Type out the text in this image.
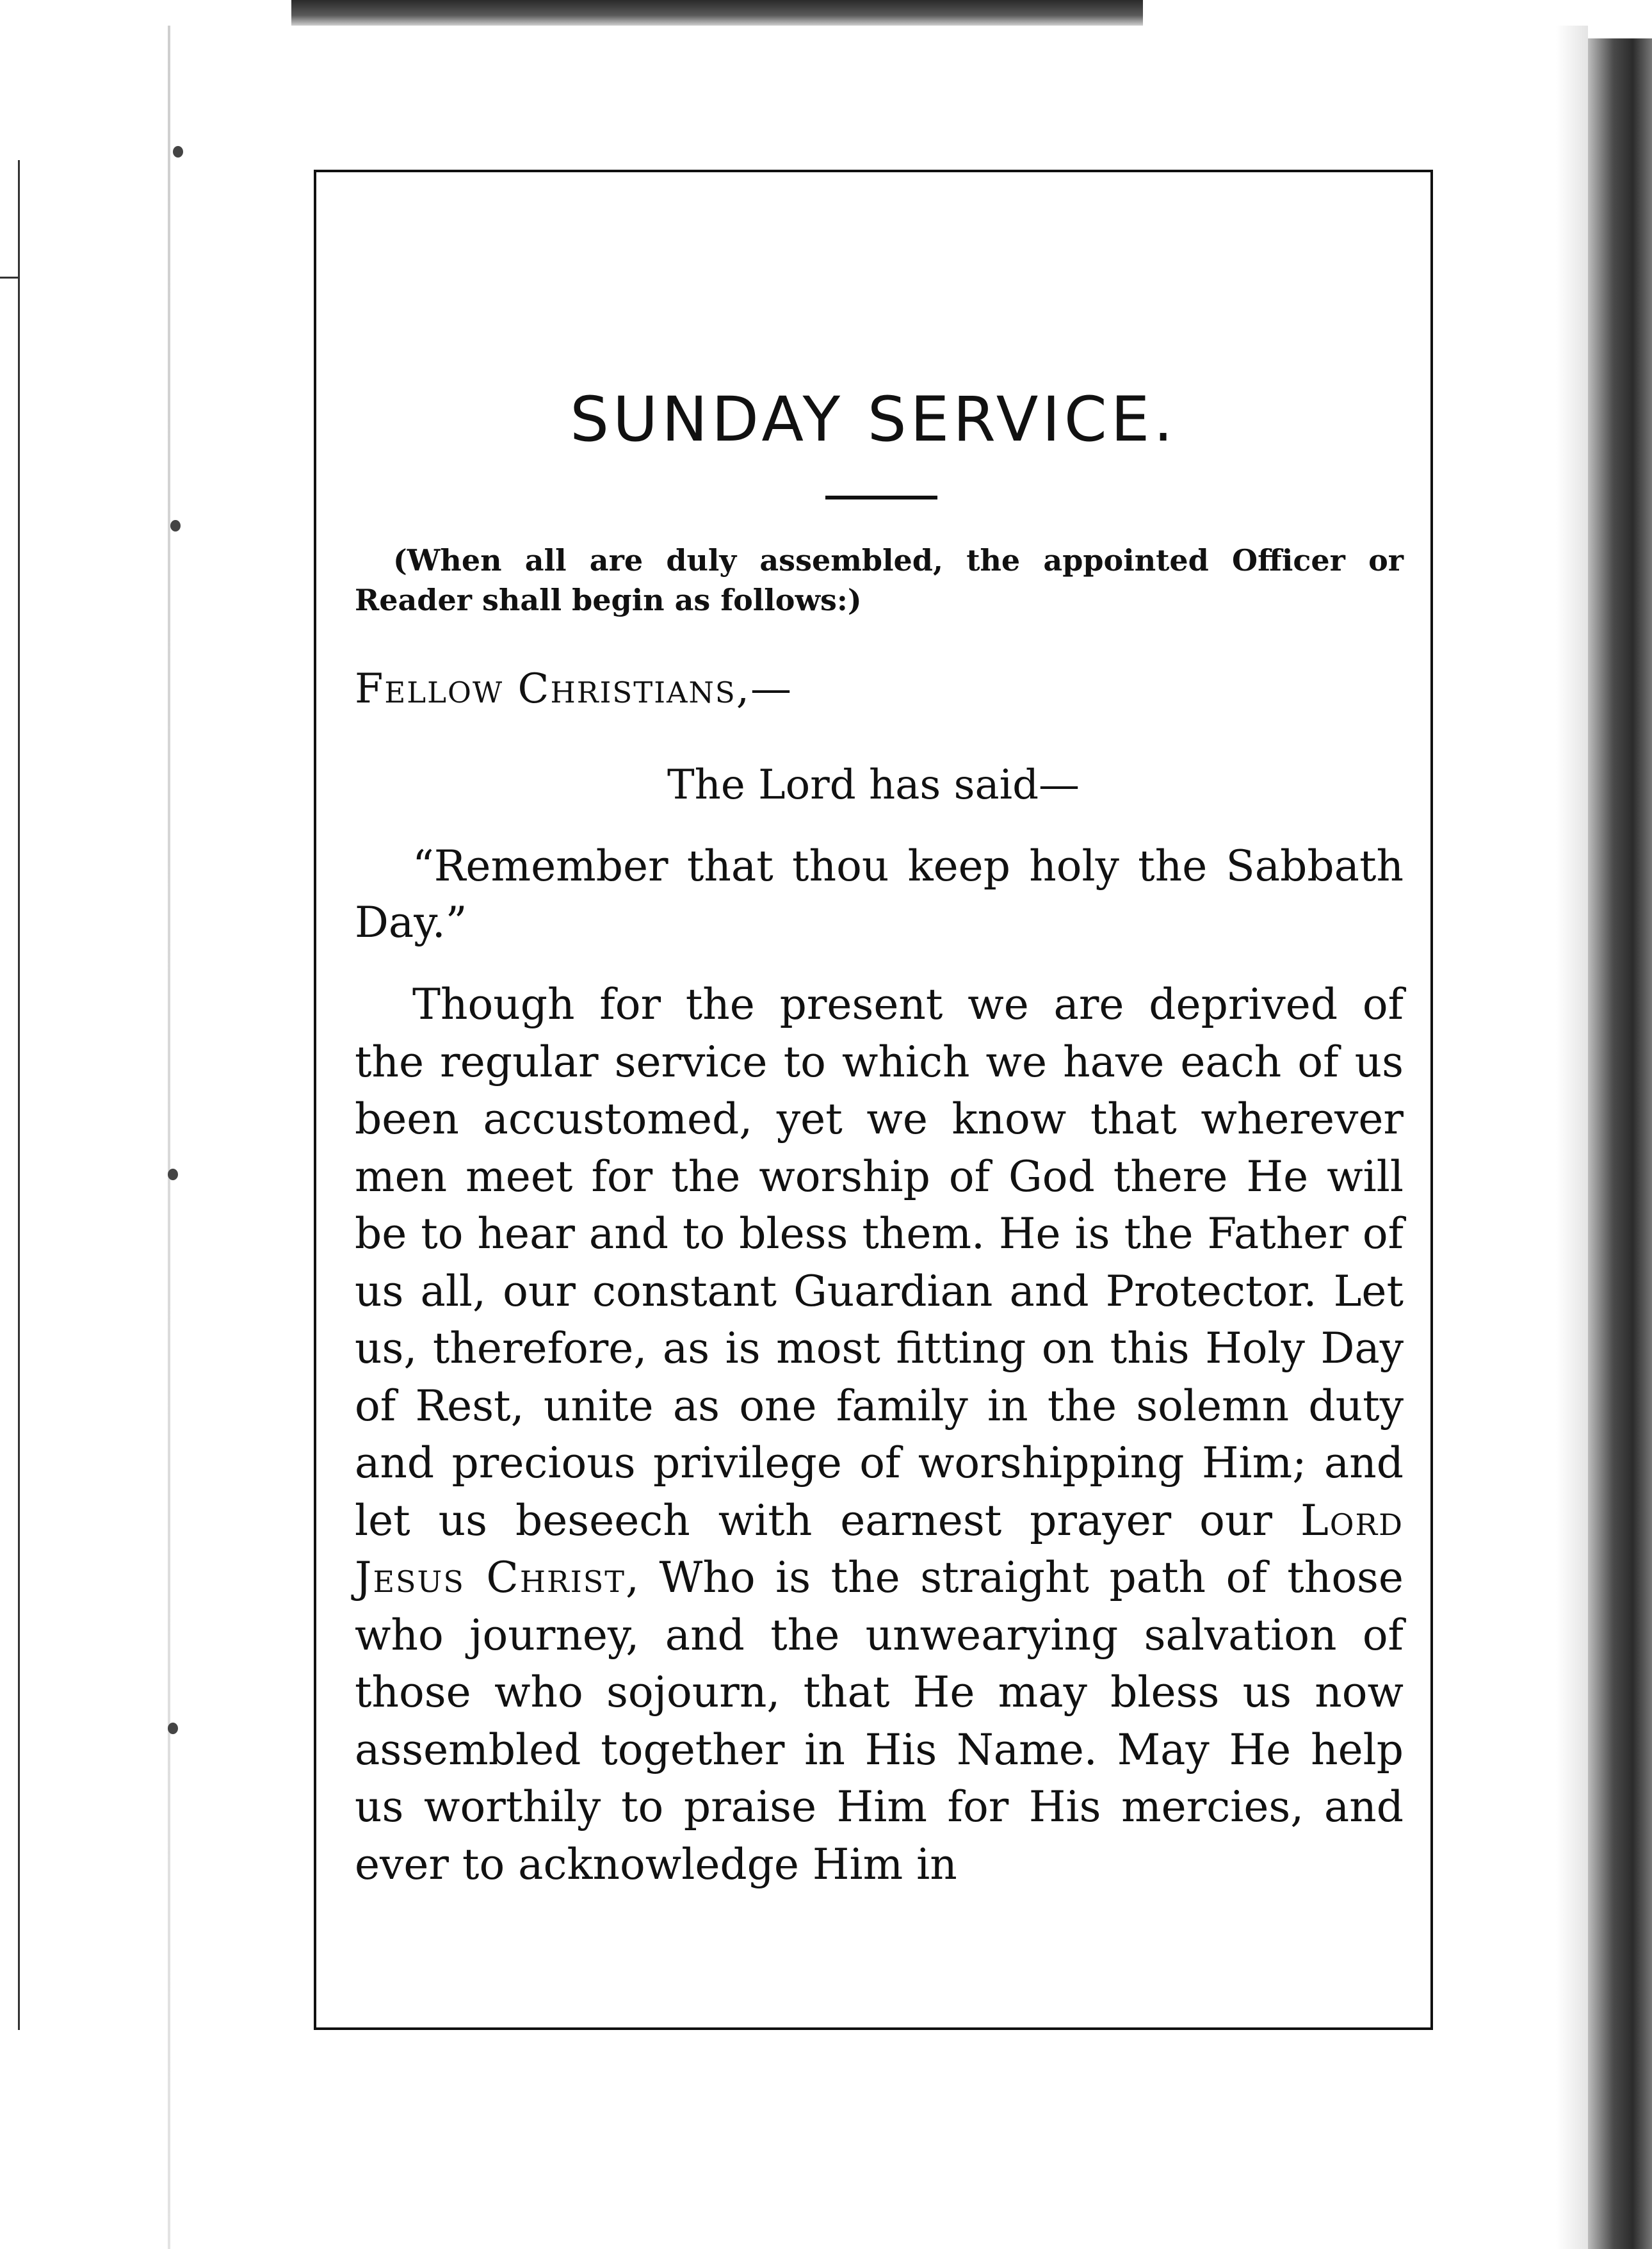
SUNDAY SERVICE.
(When all are duly assembled, the appointed Officer or Reader shall begin as follows:)
Fellow Christians,—
The Lord has said—
“Remember that thou keep holy the Sabbath Day.”
Though for the present we are deprived of the regular service to which we have each of us been accustomed, yet we know that wherever men meet for the worship of God there He will be to hear and to bless them. He is the Father of us all, our constant Guardian and Protector. Let us, therefore, as is most fitting on this Holy Day of Rest, unite as one family in the solemn duty and precious privilege of worshipping Him; and let us beseech with earnest prayer our Lord Jesus Christ, Who is the straight path of those who journey, and the unwearying salvation of those who sojourn, that He may bless us now assembled together in His Name. May He help us worthily to praise Him for His mercies, and ever to acknowledge Him in
